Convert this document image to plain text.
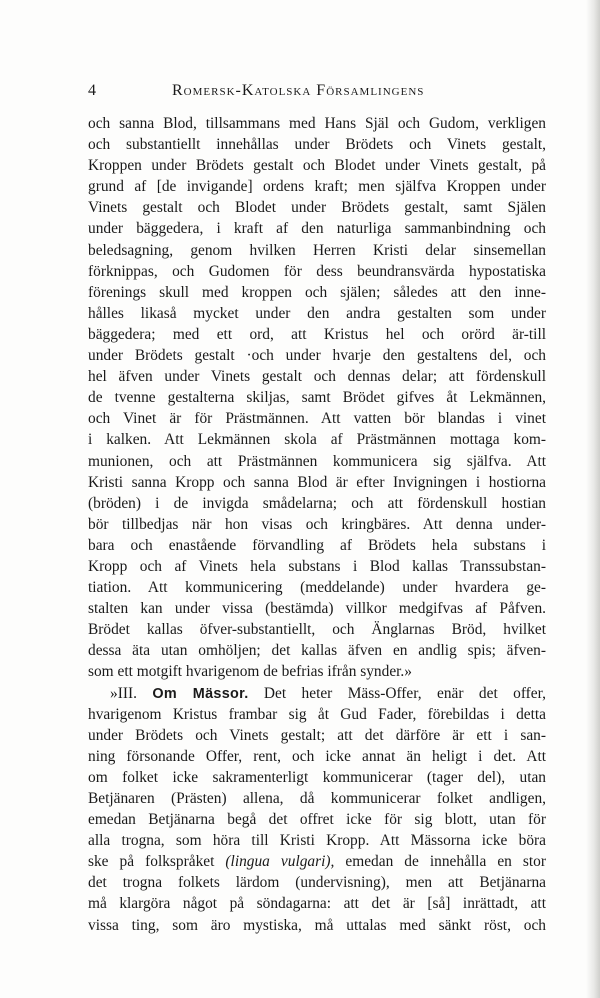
4	Romersk-Katolska Församlingens
och sanna Blod, tillsammans med Hans Själ och Gudom, verkligen
och substantiellt innehållas under Brödets och Vinets gestalt,
Kroppen under Brödets gestalt och Blodet under Vinets gestalt, på
grund af [de invigande] ordens kraft; men själfva Kroppen under
Vinets gestalt och Blodet under Brödets gestalt, samt Själen
under bäggedera, i kraft af den naturliga sammanbindning och
beledsagning, genom hvilken Herren Kristi delar sinsemellan
förknippas, och Gudomen för dess beundransvärda hypostatiska
förenings skull med kroppen och själen; således att den inne-
hålles likaså mycket under den andra gestalten som under
bäggedera; med ett ord, att Kristus hel och orörd är-till
under Brödets gestalt ·och under hvarje den gestaltens del, och
hel äfven under Vinets gestalt och dennas delar; att fördenskull
de tvenne gestalterna skiljas, samt Brödet gifves åt Lekmännen,
och Vinet är för Prästmännen. Att vatten bör blandas i vinet
i kalken. Att Lekmännen skola af Prästmännen mottaga kom-
munionen, och att Prästmännen kommunicera sig själfva. Att
Kristi sanna Kropp och sanna Blod är efter Invigningen i hostiorna
(bröden) i de invigda smådelarna; och att fördenskull hostian
bör tillbedjas när hon visas och kringbäres. Att denna under-
bara och enastående förvandling af Brödets hela substans i
Kropp och af Vinets hela substans i Blod kallas Transsubstan-
tiation. Att kommunicering (meddelande) under hvardera ge-
stalten kan under vissa (bestämda) villkor medgifvas af Påfven.
Brödet kallas öfver-substantiellt, och Änglarnas Bröd, hvilket
dessa äta utan omhöljen; det kallas äfven en andlig spis; äfven-
som ett motgift hvarigenom de befrias ifrån synder.»
»III. Om Mässor. Det heter Mäss-Offer, enär det offer,
hvarigenom Kristus frambar sig åt Gud Fader, förebildas i detta
under Brödets och Vinets gestalt; att det därföre är ett i san-
ning försonande Offer, rent, och icke annat än heligt i det. Att
om folket icke sakramenterligt kommunicerar (tager del), utan
Betjänaren (Prästen) allena, då kommunicerar folket andligen,
emedan Betjänarna begå det offret icke för sig blott, utan för
alla trogna, som höra till Kristi Kropp. Att Mässorna icke böra
ske på folkspråket (lingua vulgari), emedan de innehålla en stor
det trogna folkets lärdom (undervisning), men att Betjänarna
må klargöra något på söndagarna: att det är [så] inrättadt, att
vissa ting, som äro mystiska, må uttalas med sänkt röst, och
